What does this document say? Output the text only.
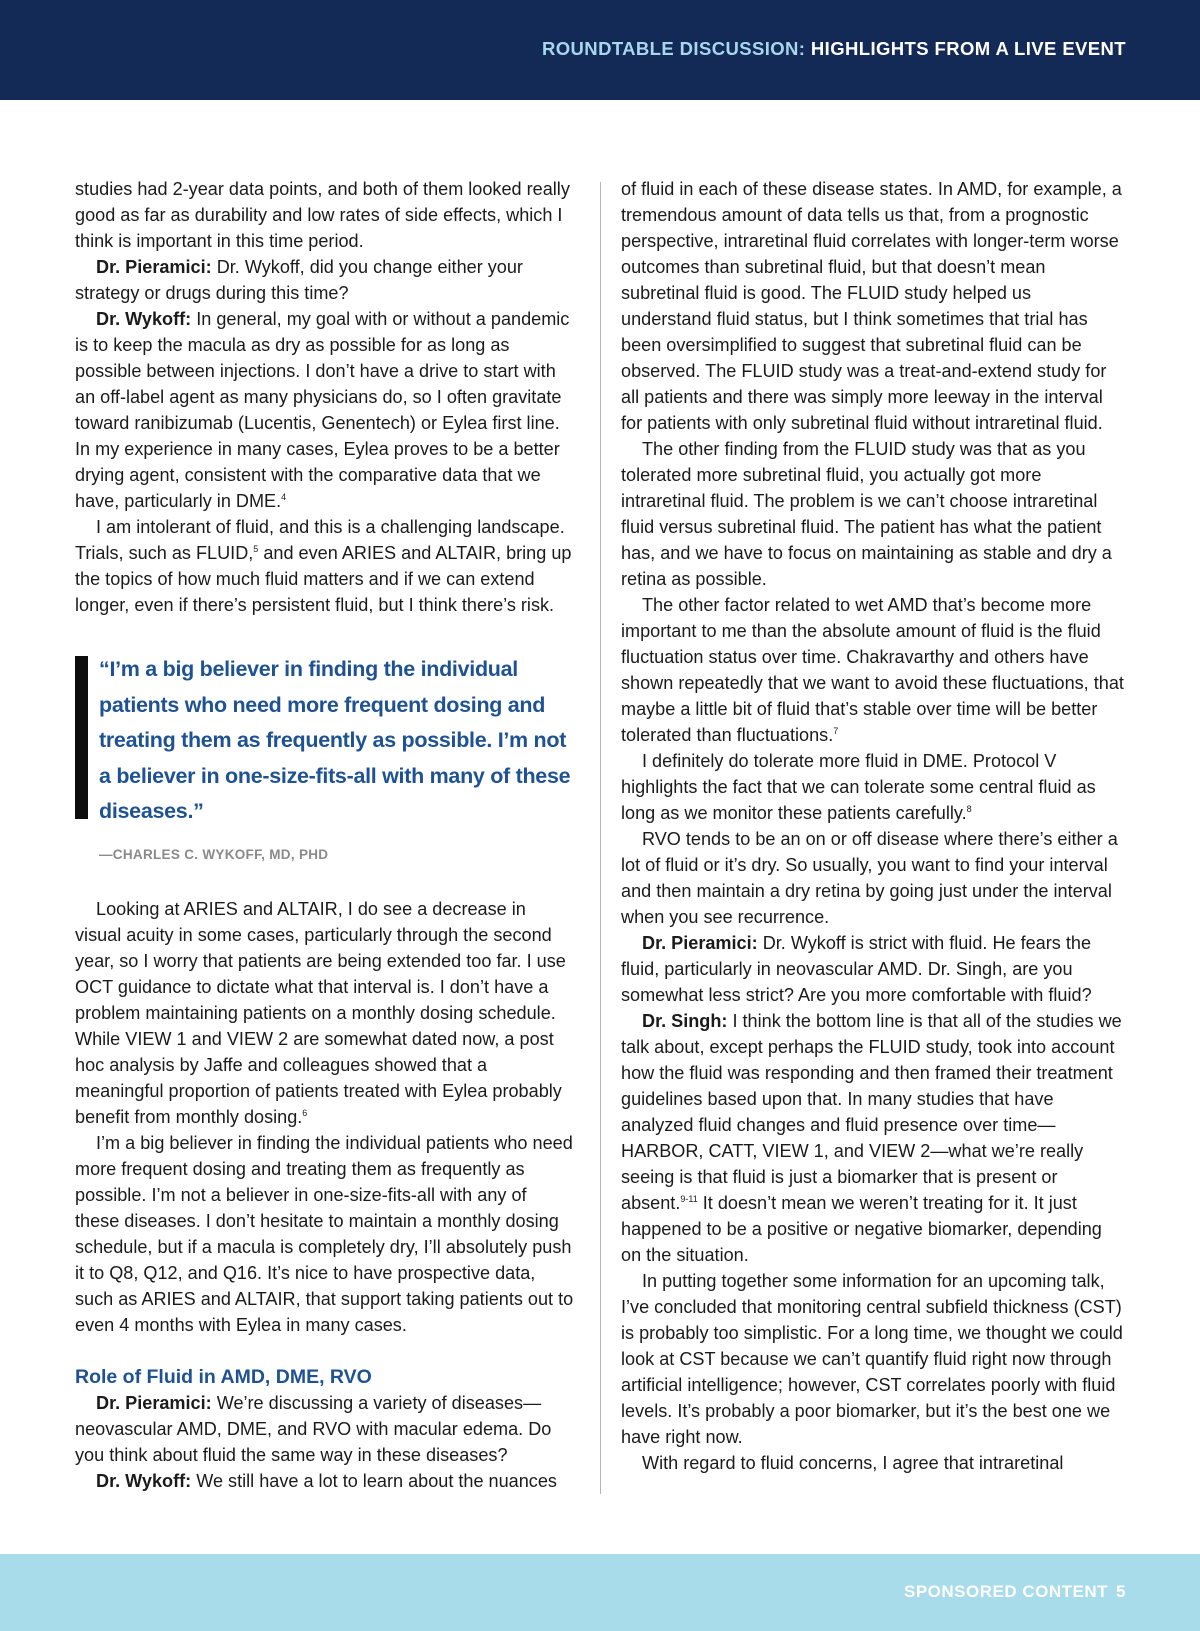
ROUNDTABLE DISCUSSION: HIGHLIGHTS FROM A LIVE EVENT

studies had 2-year data points, and both of them looked really good as far as durability and low rates of side effects, which I think is important in this time period.

Dr. Pieramici: Dr. Wykoff, did you change either your strategy or drugs during this time?

Dr. Wykoff: In general, my goal with or without a pandemic is to keep the macula as dry as possible for as long as possible between injections. I don’t have a drive to start with an off-label agent as many physicians do, so I often gravitate toward ranibizumab (Lucentis, Genentech) or Eylea first line. In my experience in many cases, Eylea proves to be a better drying agent, consistent with the comparative data that we have, particularly in DME.$^4$

I am intolerant of fluid, and this is a challenging landscape. Trials, such as FLUID,$^5$ and even ARIES and ALTAIR, bring up the topics of how much fluid matters and if we can extend longer, even if there’s persistent fluid, but I think there’s risk.

“I’m a big believer in finding the individual patients who need more frequent dosing and treating them as frequently as possible. I’m not a believer in one-size-fits-all with many of these diseases.”
—CHARLES C. WYKOFF, MD, PHD

Looking at ARIES and ALTAIR, I do see a decrease in visual acuity in some cases, particularly through the second year, so I worry that patients are being extended too far. I use OCT guidance to dictate what that interval is. I don’t have a problem maintaining patients on a monthly dosing schedule. While VIEW 1 and VIEW 2 are somewhat dated now, a post hoc analysis by Jaffe and colleagues showed that a meaningful proportion of patients treated with Eylea probably benefit from monthly dosing.$^6$

I’m a big believer in finding the individual patients who need more frequent dosing and treating them as frequently as possible. I’m not a believer in one-size-fits-all with any of these diseases. I don’t hesitate to maintain a monthly dosing schedule, but if a macula is completely dry, I’ll absolutely push it to Q8, Q12, and Q16. It’s nice to have prospective data, such as ARIES and ALTAIR, that support taking patients out to even 4 months with Eylea in many cases.

Role of Fluid in AMD, DME, RVO

Dr. Pieramici: We’re discussing a variety of diseases—neovascular AMD, DME, and RVO with macular edema. Do you think about fluid the same way in these diseases?

Dr. Wykoff: We still have a lot to learn about the nuances

of fluid in each of these disease states. In AMD, for example, a tremendous amount of data tells us that, from a prognostic perspective, intraretinal fluid correlates with longer-term worse outcomes than subretinal fluid, but that doesn’t mean subretinal fluid is good. The FLUID study helped us understand fluid status, but I think sometimes that trial has been oversimplified to suggest that subretinal fluid can be observed. The FLUID study was a treat-and-extend study for all patients and there was simply more leeway in the interval for patients with only subretinal fluid without intraretinal fluid.

The other finding from the FLUID study was that as you tolerated more subretinal fluid, you actually got more intraretinal fluid. The problem is we can’t choose intraretinal fluid versus subretinal fluid. The patient has what the patient has, and we have to focus on maintaining as stable and dry a retina as possible.

The other factor related to wet AMD that’s become more important to me than the absolute amount of fluid is the fluid fluctuation status over time. Chakravarthy and others have shown repeatedly that we want to avoid these fluctuations, that maybe a little bit of fluid that’s stable over time will be better tolerated than fluctuations.$^7$

I definitely do tolerate more fluid in DME. Protocol V highlights the fact that we can tolerate some central fluid as long as we monitor these patients carefully.$^8$

RVO tends to be an on or off disease where there’s either a lot of fluid or it’s dry. So usually, you want to find your interval and then maintain a dry retina by going just under the interval when you see recurrence.

Dr. Pieramici: Dr. Wykoff is strict with fluid. He fears the fluid, particularly in neovascular AMD. Dr. Singh, are you somewhat less strict? Are you more comfortable with fluid?

Dr. Singh: I think the bottom line is that all of the studies we talk about, except perhaps the FLUID study, took into account how the fluid was responding and then framed their treatment guidelines based upon that. In many studies that have analyzed fluid changes and fluid presence over time—HARBOR, CATT, VIEW 1, and VIEW 2—what we’re really seeing is that fluid is just a biomarker that is present or absent.$^{9-11}$ It doesn’t mean we weren’t treating for it. It just happened to be a positive or negative biomarker, depending on the situation.

In putting together some information for an upcoming talk, I’ve concluded that monitoring central subfield thickness (CST) is probably too simplistic. For a long time, we thought we could look at CST because we can’t quantify fluid right now through artificial intelligence; however, CST correlates poorly with fluid levels. It’s probably a poor biomarker, but it’s the best one we have right now.

With regard to fluid concerns, I agree that intraretinal

SPONSORED CONTENT 5
